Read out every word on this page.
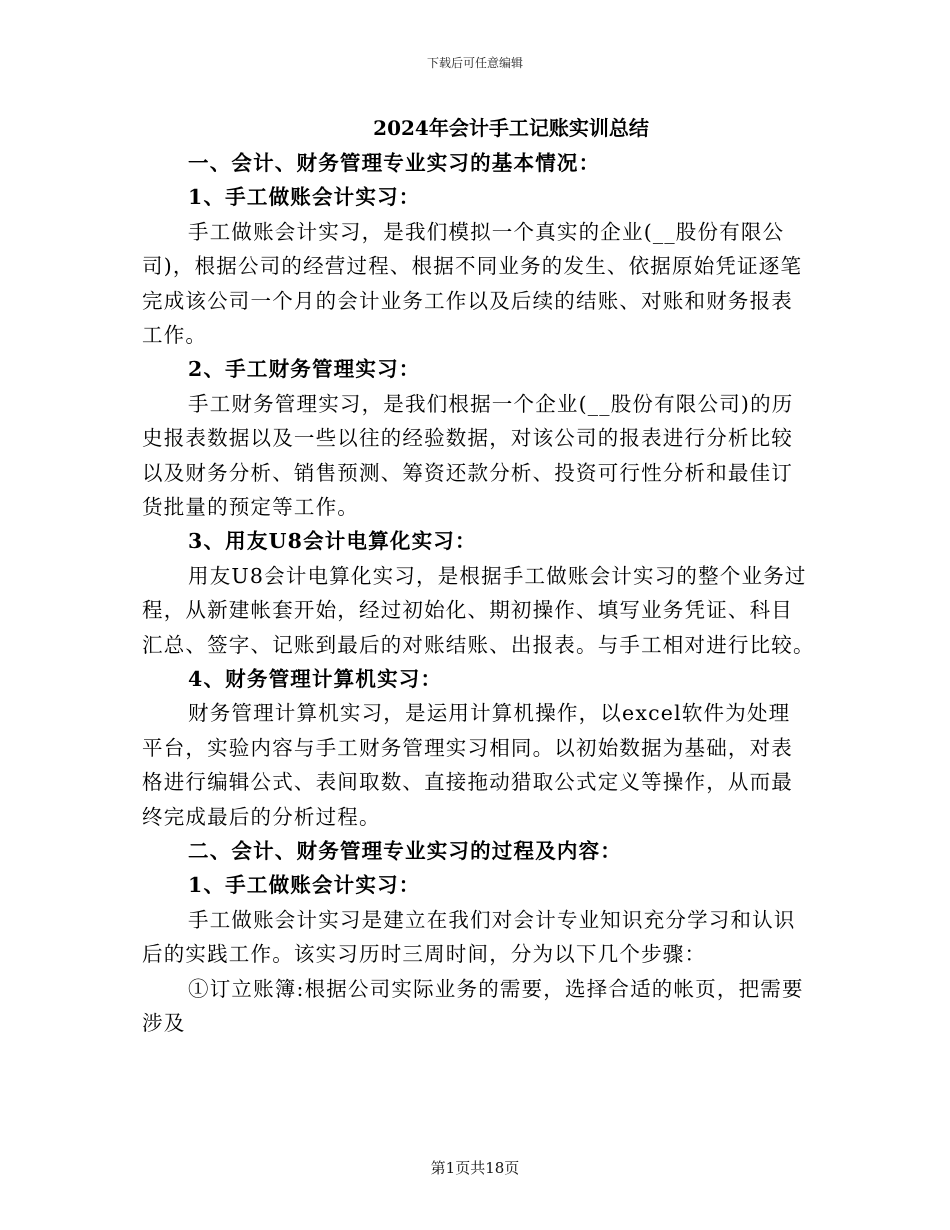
下载后可任意编辑
2024年会计手工记账实训总结
一、会计、财务管理专业实习的基本情况：
1、手工做账会计实习：
手工做账会计实习，是我们模拟一个真实的企业(__股份有限公
司)，根据公司的经营过程、根据不同业务的发生、依据原始凭证逐笔
完成该公司一个月的会计业务工作以及后续的结账、对账和财务报表
工作。
2、手工财务管理实习：
手工财务管理实习，是我们根据一个企业(__股份有限公司)的历
史报表数据以及一些以往的经验数据，对该公司的报表进行分析比较
以及财务分析、销售预测、筹资还款分析、投资可行性分析和最佳订
货批量的预定等工作。
3、用友U8会计电算化实习：
用友U8会计电算化实习，是根据手工做账会计实习的整个业务过
程，从新建帐套开始，经过初始化、期初操作、填写业务凭证、科目
汇总、签字、记账到最后的对账结账、出报表。与手工相对进行比较。
4、财务管理计算机实习：
财务管理计算机实习，是运用计算机操作，以excel软件为处理
平台，实验内容与手工财务管理实习相同。以初始数据为基础，对表
格进行编辑公式、表间取数、直接拖动猎取公式定义等操作，从而最
终完成最后的分析过程。
二、会计、财务管理专业实习的过程及内容：
1、手工做账会计实习：
手工做账会计实习是建立在我们对会计专业知识充分学习和认识
后的实践工作。该实习历时三周时间，分为以下几个步骤：
①订立账簿:根据公司实际业务的需要，选择合适的帐页，把需要
涉及
第1页共18页
